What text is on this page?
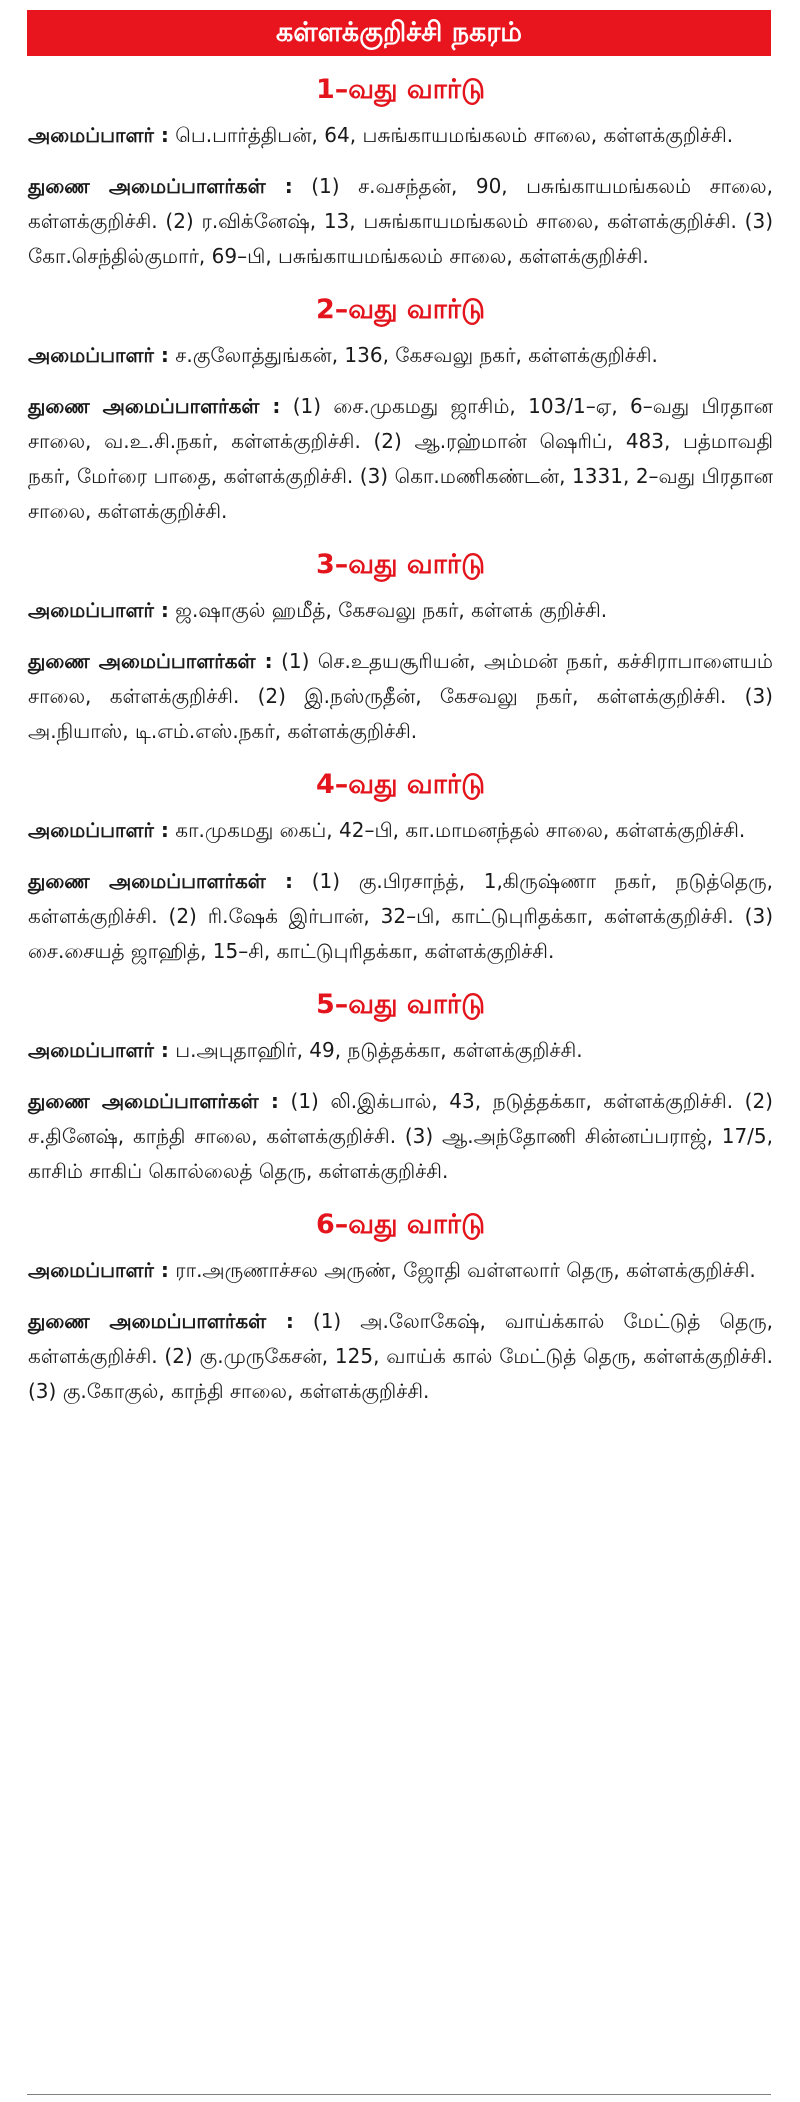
கள்ளக்குறிச்சி நகரம்
1–வது வார்டு

அமைப்பாளர் : பெ.பார்த்திபன், 64, பசுங்காயமங்கலம் சாலை, கள்ளக்குறிச்சி.

துணை அமைப்பாளர்கள் : (1) ச.வசந்தன், 90, பசுங்காயமங்கலம் சாலை, கள்ளக்குறிச்சி. (2) ர.விக்னேஷ், 13, பசுங்காயமங்கலம் சாலை, கள்ளக்குறிச்சி. (3) கோ.செந்தில்குமார், 69–பி, பசுங்காயமங்கலம் சாலை, கள்ளக்குறிச்சி.

2–வது வார்டு

அமைப்பாளர் : ச.குலோத்துங்கன், 136, கேசவலு நகர், கள்ளக்குறிச்சி.

துணை அமைப்பாளர்கள் : (1) சை.முகமது ஜாசிம், 103/1–ஏ, 6–வது பிரதான சாலை, வ.உ.சி.நகர், கள்ளக்குறிச்சி. (2) ஆ.ரஹ்மான் ஷெரிப், 483, பத்மாவதி நகர், மேர்ரை பாதை, கள்ளக்குறிச்சி. (3) கொ.மணிகண்டன், 1331, 2–வது பிரதான சாலை, கள்ளக்குறிச்சி.

3–வது வார்டு

அமைப்பாளர் : ஜ.ஷாகுல் ஹமீத், கேசவலு நகர், கள்ளக் குறிச்சி.

துணை அமைப்பாளர்கள் : (1) செ.உதயசூரியன், அம்மன் நகர், கச்சிராபாளையம் சாலை, கள்ளக்குறிச்சி. (2) இ.நஸ்ருதீன், கேசவலு நகர், கள்ளக்குறிச்சி. (3) அ.நியாஸ், டி.எம்.எஸ்.நகர், கள்ளக்குறிச்சி.

4–வது வார்டு

அமைப்பாளர் : கா.முகமது கைப், 42–பி, கா.மாமனந்தல் சாலை, கள்ளக்குறிச்சி.

துணை அமைப்பாளர்கள் : (1) கு.பிரசாந்த், 1,கிருஷ்ணா நகர், நடுத்தெரு, கள்ளக்குறிச்சி. (2) ரி.ஷேக் இர்பான், 32–பி, காட்டுபுரிதக்கா, கள்ளக்குறிச்சி. (3) சை.சையத் ஜாஹித், 15–சி, காட்டுபுரிதக்கா, கள்ளக்குறிச்சி.

5–வது வார்டு

அமைப்பாளர் : ப.அபுதாஹிர், 49, நடுத்தக்கா, கள்ளக்குறிச்சி.

துணை அமைப்பாளர்கள் : (1) லி.இக்பால், 43, நடுத்தக்கா, கள்ளக்குறிச்சி. (2) ச.தினேஷ், காந்தி சாலை, கள்ளக்குறிச்சி. (3) ஆ.அந்தோணி சின்னப்பராஜ், 17/5, காசிம் சாகிப் கொல்லைத் தெரு, கள்ளக்குறிச்சி.

6–வது வார்டு

அமைப்பாளர் : ரா.அருணாச்சல அருண், ஜோதி வள்ளலார் தெரு, கள்ளக்குறிச்சி.

துணை அமைப்பாளர்கள் : (1) அ.லோகேஷ், வாய்க்கால் மேட்டுத் தெரு, கள்ளக்குறிச்சி. (2) கு.முருகேசன், 125, வாய்க் கால் மேட்டுத் தெரு, கள்ளக்குறிச்சி. (3) கு.கோகுல், காந்தி சாலை, கள்ளக்குறிச்சி.
